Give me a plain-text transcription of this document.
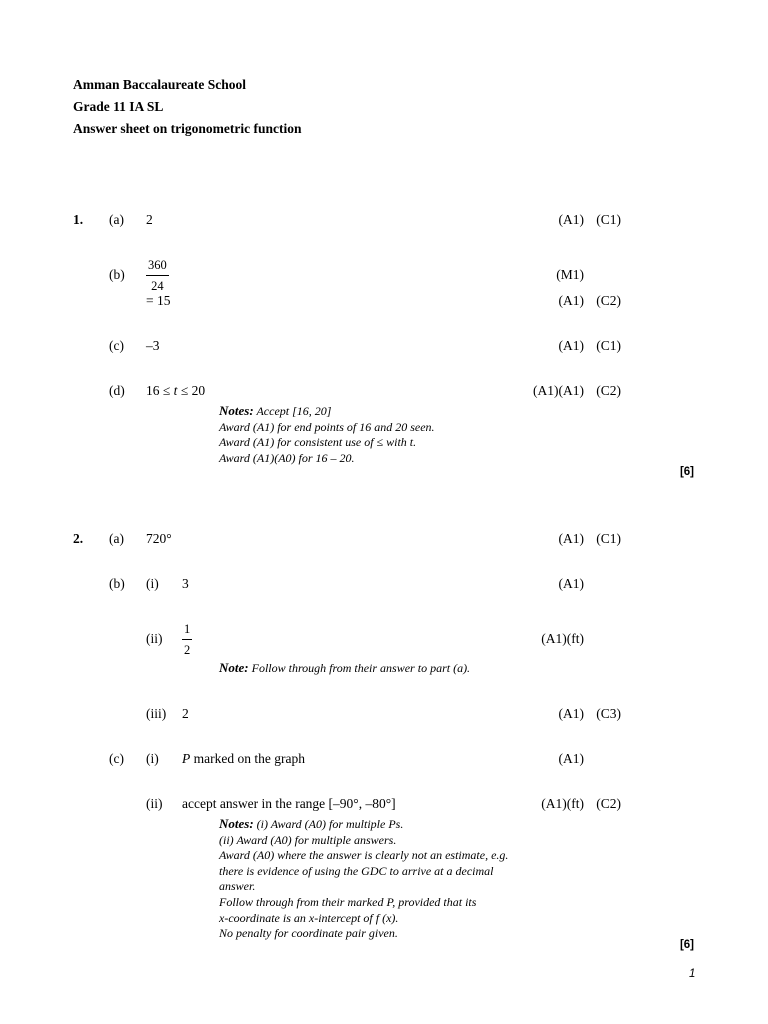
Amman Baccalaureate School
Grade 11 IA SL
Answer sheet on trigonometric function
1. (a) 2	(A1) (C1)
$(b) \frac{360}{24}$	(M1)
= 15	(A1) (C2)
(c) –3	(A1) (C1)
(d) 16 ≤ t ≤ 20	(A1)(A1) (C2)
Notes: Accept [16, 20]
Award (A1) for end points of 16 and 20 seen.
Award (A1) for consistent use of ≤ with t.
Award (A1)(A0) for 16 – 20.
[6]
2. (a) 720°	(A1) (C1)
(b) (i) 3	(A1)
$(ii) \frac{1}{2}$	(A1)(ft)
Note: Follow through from their answer to part (a).
(iii) 2	(A1) (C3)
(c) (i) P marked on the graph	(A1)
(ii) accept answer in the range [–90°, –80°]	(A1)(ft) (C2)
Notes: (i) Award (A0) for multiple Ps.
(ii) Award (A0) for multiple answers.
Award (A0) where the answer is clearly not an estimate, e.g.
there is evidence of using the GDC to arrive at a decimal
answer.
Follow through from their marked P, provided that its
x-coordinate is an x-intercept of f (x).
No penalty for coordinate pair given.
[6]
1
